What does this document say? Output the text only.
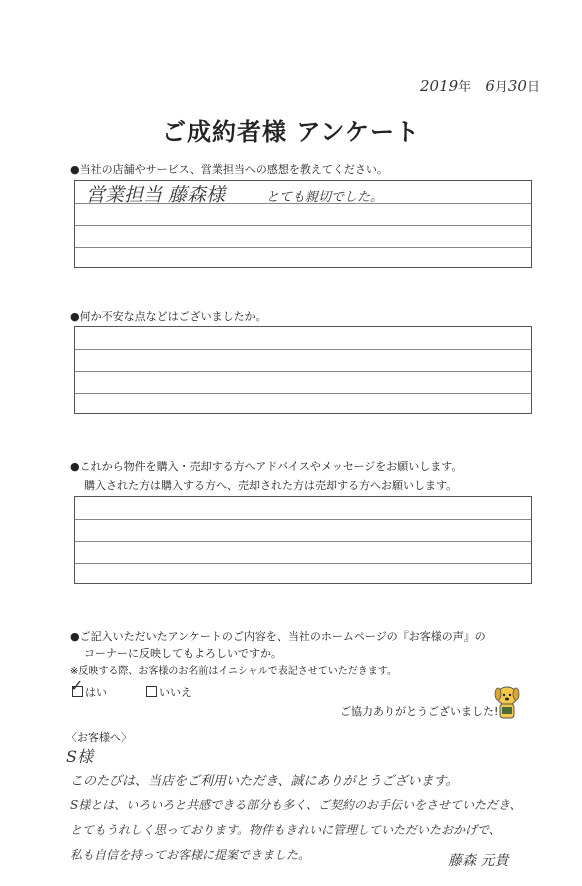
2019年 6月30日
ご成約者様 アンケート
●当社の店舗やサービス、営業担当への感想を教えてください。
営業担当 藤森様	とても親切でした。
●何か不安な点などはございましたか。
●これから物件を購入・売却する方へアドバイスやメッセージをお願いします。
購入された方は購入する方へ、売却された方は売却する方へお願いします。
●ご記入いただいたアンケートのご内容を、当社のホームページの『お客様の声』の
コーナーに反映してもよろしいですか。
※反映する際、お客様のお名前はイニシャルで表記させていただきます。
はい
✓	いいえ
ご協力ありがとうございました!
〈お客様へ〉
S様
このたびは、当店をご利用いただき、誠にありがとうございます。
S様とは、いろいろと共感できる部分も多く、ご契約のお手伝いをさせていただき、
とてもうれしく思っております。物件もきれいに管理していただいたおかげで、
私も自信を持ってお客様に提案できました。	藤森 元貴
